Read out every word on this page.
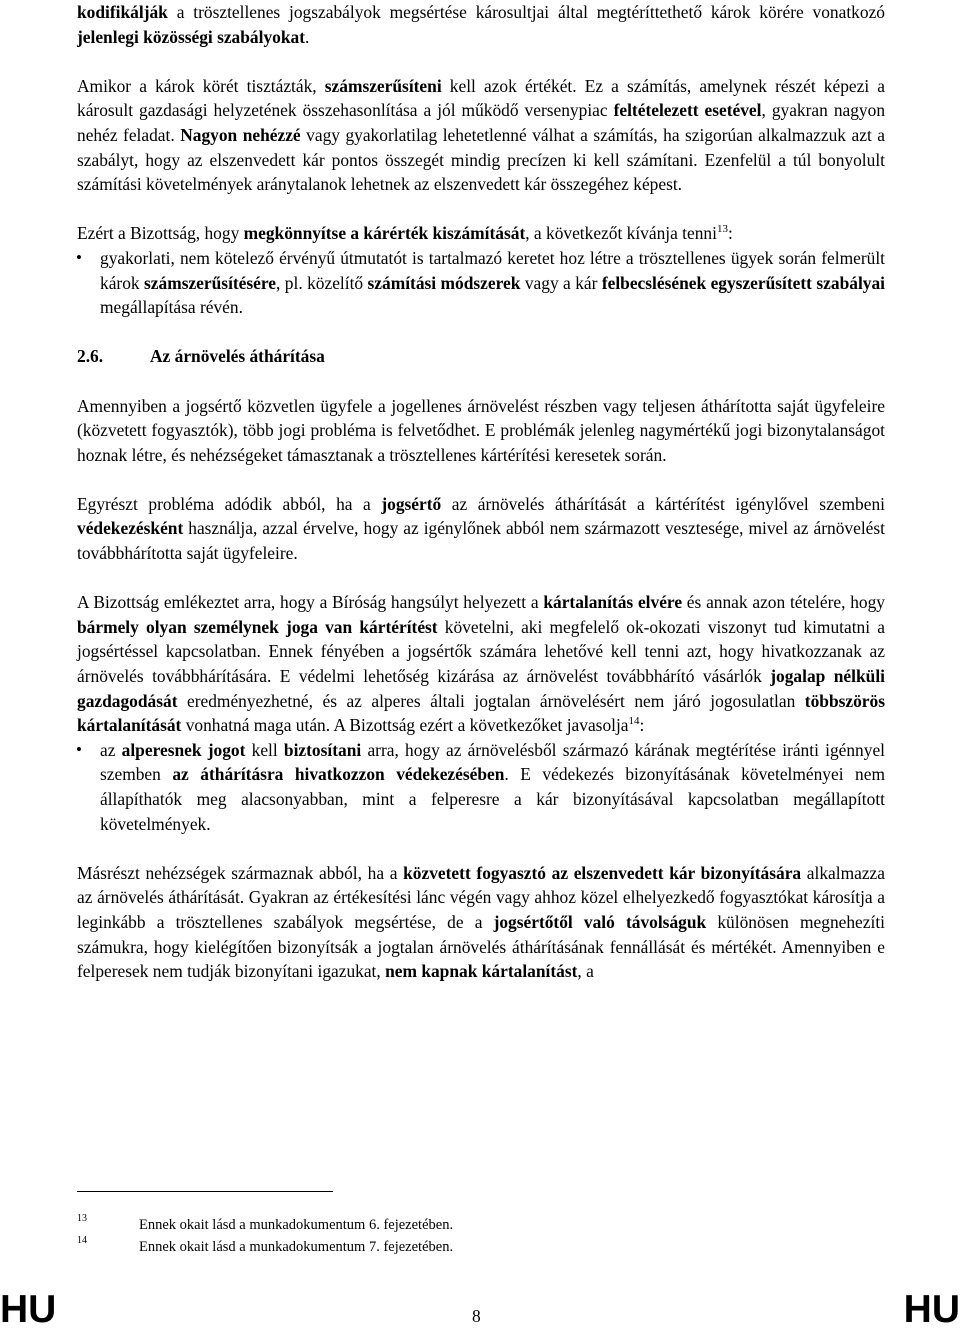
kodifikálják a trösztellenes jogszabályok megsértése károsultjai által megtéríttethető károk körére vonatkozó jelenlegi közösségi szabályokat.

Amikor a károk körét tisztázták, számszerűsíteni kell azok értékét. Ez a számítás, amelynek részét képezi a károsult gazdasági helyzetének összehasonlítása a jól működő versenypiac feltételezett esetével, gyakran nagyon nehéz feladat. Nagyon nehézzé vagy gyakorlatilag lehetetlenné válhat a számítás, ha szigorúan alkalmazzuk azt a szabályt, hogy az elszenvedett kár pontos összegét mindig precízen ki kell számítani. Ezenfelül a túl bonyolult számítási követelmények aránytalanok lehetnek az elszenvedett kár összegéhez képest.

Ezért a Bizottság, hogy megkönnyítse a kárérték kiszámítását, a következőt kívánja tenni$^{13}$:

• gyakorlati, nem kötelező érvényű útmutatót is tartalmazó keretet hoz létre a trösztellenes ügyek során felmerült károk számszerűsítésére, pl. közelítő számítási módszerek vagy a kár felbecslésének egyszerűsített szabályai megállapítása révén.
2.6.	Az árnövelés áthárítása

Amennyiben a jogsértő közvetlen ügyfele a jogellenes árnövelést részben vagy teljesen áthárította saját ügyfeleire (közvetett fogyasztók), több jogi probléma is felvetődhet. E problémák jelenleg nagymértékű jogi bizonytalanságot hoznak létre, és nehézségeket támasztanak a trösztellenes kártérítési keresetek során.

Egyrészt probléma adódik abból, ha a jogsértő az árnövelés áthárítását a kártérítést igénylővel szembeni védekezésként használja, azzal érvelve, hogy az igénylőnek abból nem származott vesztesége, mivel az árnövelést továbbhárította saját ügyfeleire.

A Bizottság emlékeztet arra, hogy a Bíróság hangsúlyt helyezett a kártalanítás elvére és annak azon tételére, hogy bármely olyan személynek joga van kártérítést követelni, aki megfelelő ok-okozati viszonyt tud kimutatni a jogsértéssel kapcsolatban. Ennek fényében a jogsértők számára lehetővé kell tenni azt, hogy hivatkozzanak az árnövelés továbbhárítására. E védelmi lehetőség kizárása az árnövelést továbbhárító vásárlók jogalap nélküli gazdagodását eredményezhetné, és az alperes általi jogtalan árnövelésért nem járó jogosulatlan többszörös kártalanítását vonhatná maga után. A Bizottság ezért a következőket javasolja$^{14}$:

• az alperesnek jogot kell biztosítani arra, hogy az árnövelésből származó kárának megtérítése iránti igénnyel szemben az áthárításra hivatkozzon védekezésében. E védekezés bizonyításának követelményei nem állapíthatók meg alacsonyabban, mint a felperesre a kár bizonyításával kapcsolatban megállapított követelmények.

Másrészt nehézségek származnak abból, ha a közvetett fogyasztó az elszenvedett kár bizonyítására alkalmazza az árnövelés áthárítását. Gyakran az értékesítési lánc végén vagy ahhoz közel elhelyezkedő fogyasztókat károsítja a leginkább a trösztellenes szabályok megsértése, de a jogsértőtől való távolságuk különösen megnehezíti számukra, hogy kielégítően bizonyítsák a jogtalan árnövelés áthárításának fennállását és mértékét. Amennyiben e felperesek nem tudják bizonyítani igazukat, nem kapnak kártalanítást, a

13	Ennek okait lásd a munkadokumentum 6. fejezetében.
14	Ennek okait lásd a munkadokumentum 7. fejezetében.
HU	8	HU
